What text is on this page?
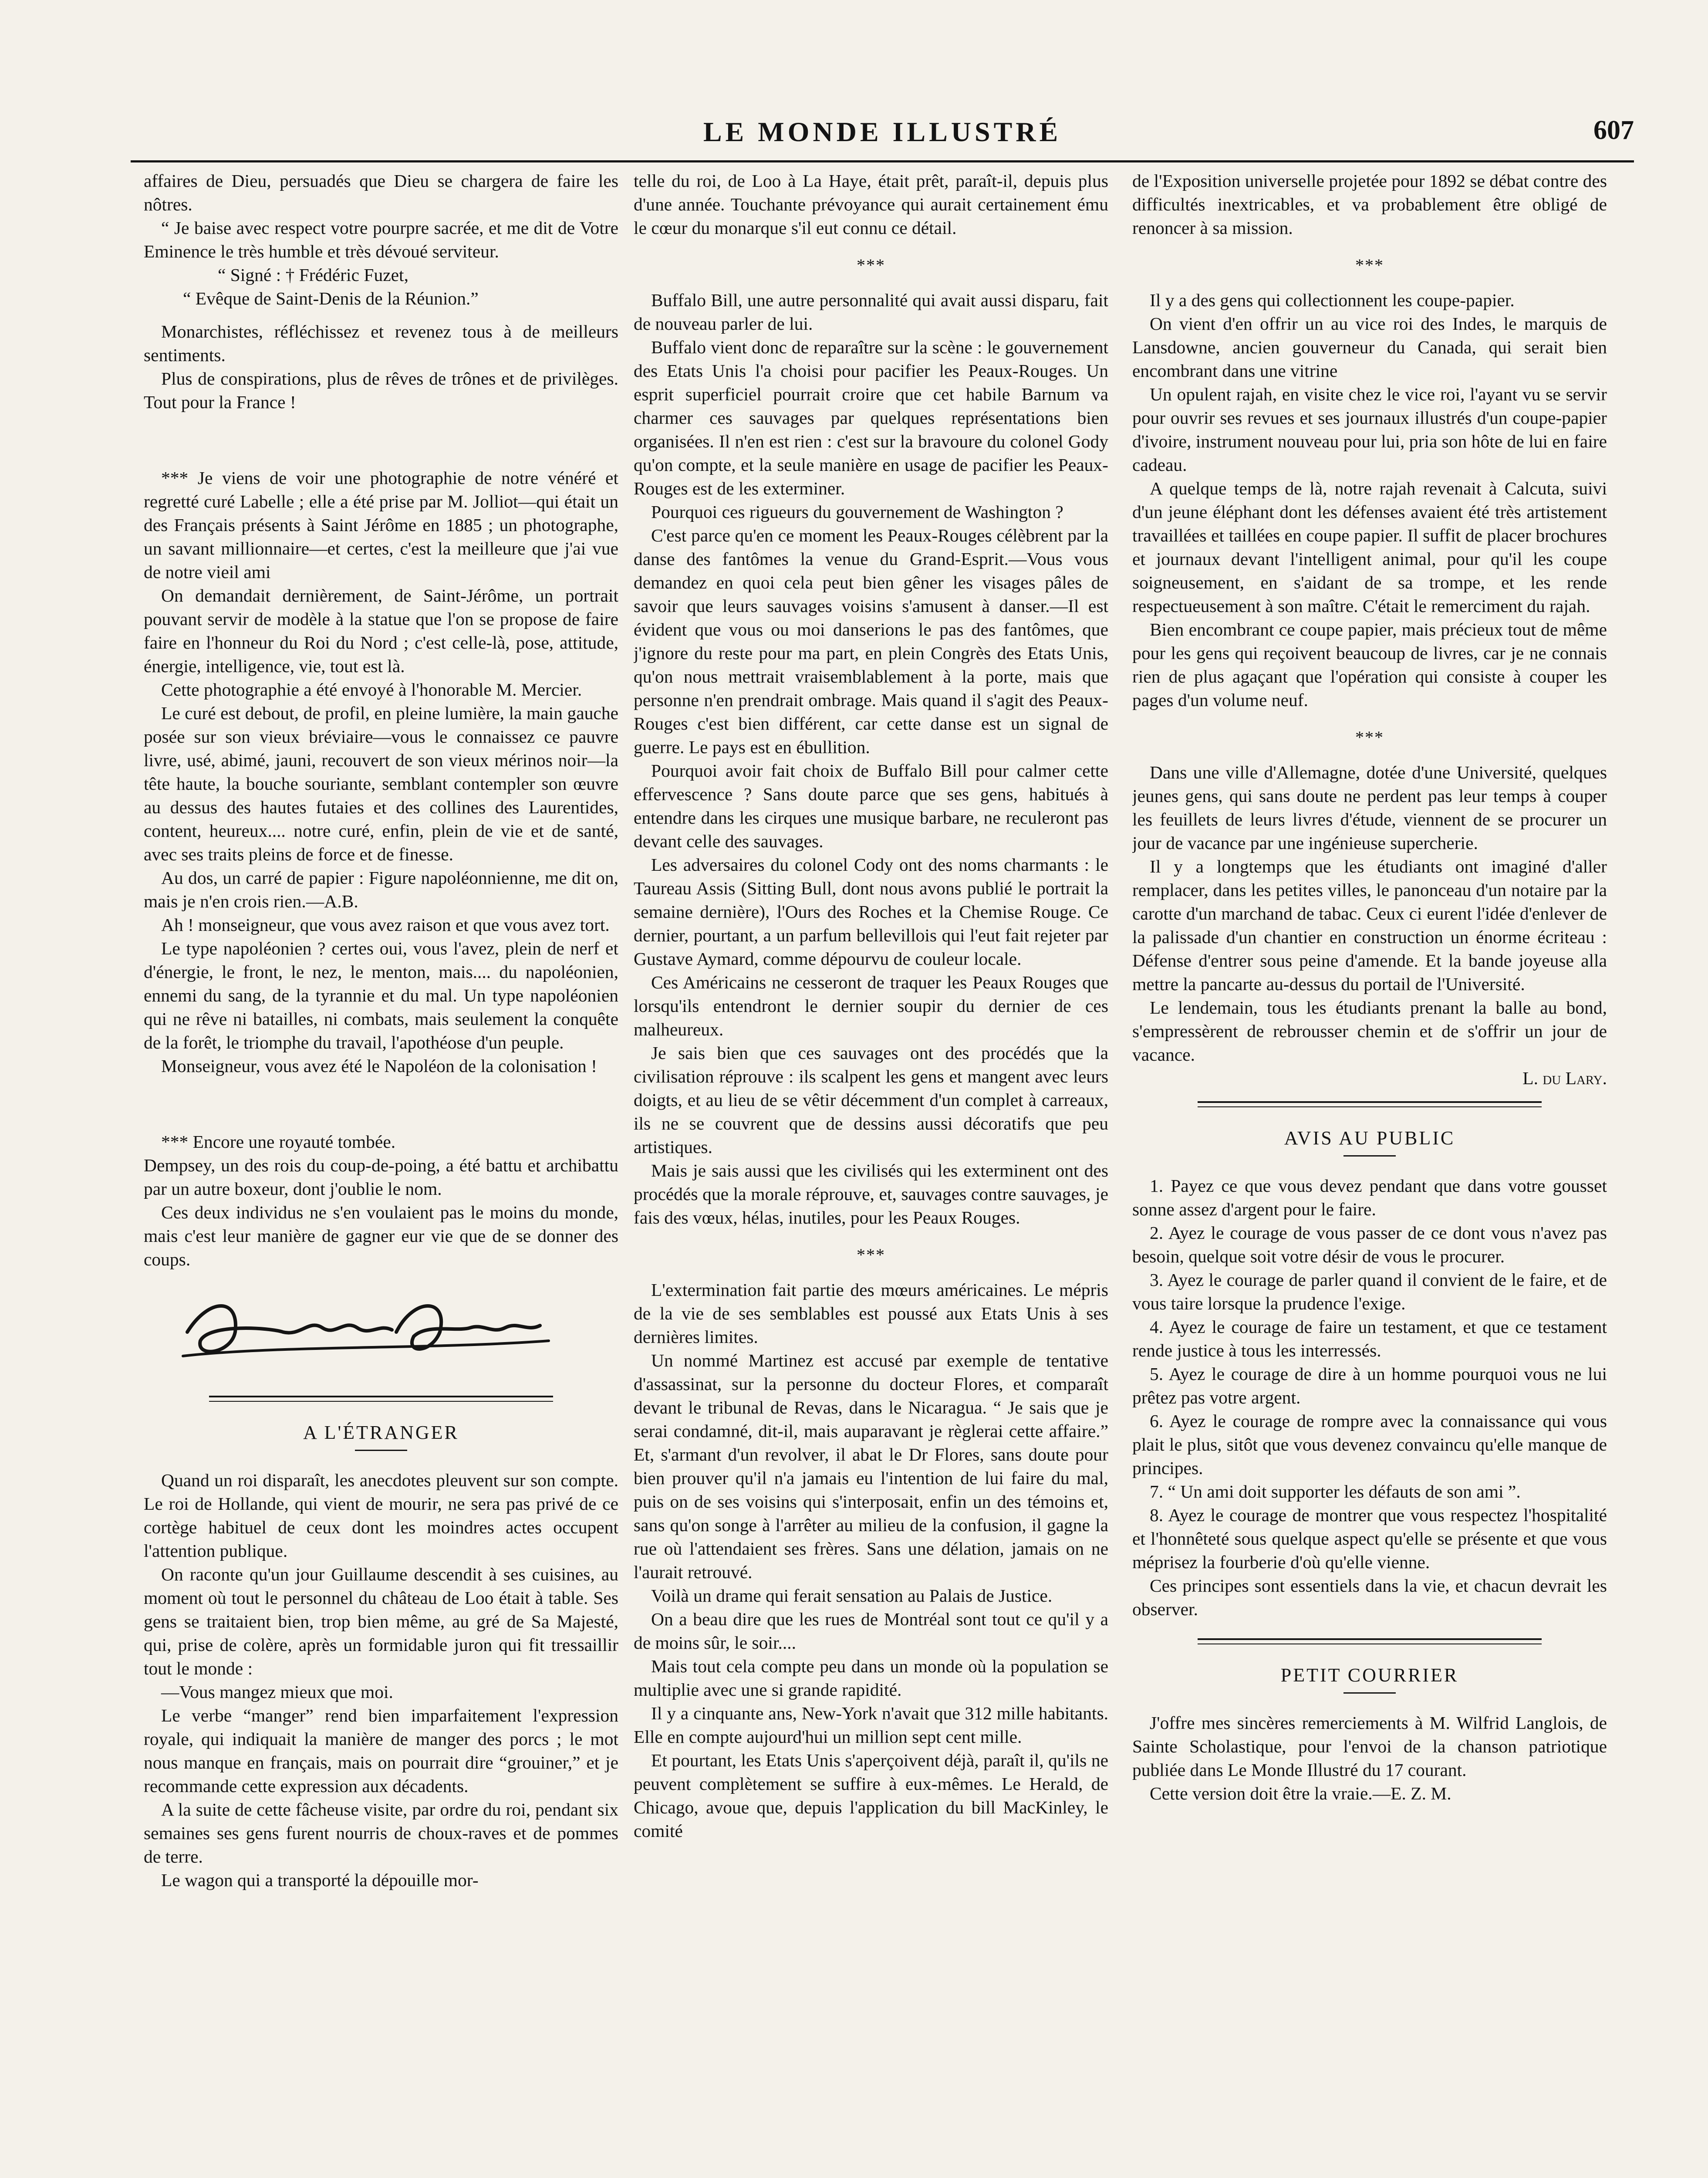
LE MONDE ILLUSTRÉ	607

affaires de Dieu, persuadés que Dieu se chargera de faire les nôtres.

“ Je baise avec respect votre pourpre sacrée, et me dit de Votre Eminence le très humble et très dévoué serviteur.

“ Signé : † Frédéric Fuzet,

“ Evêque de Saint-Denis de la Réunion.”

Monarchistes, réfléchissez et revenez tous à de meilleurs sentiments.

Plus de conspirations, plus de rêves de trônes et de privilèges. Tout pour la France !

*** Je viens de voir une photographie de notre vénéré et regretté curé Labelle ; elle a été prise par M. Jolliot—qui était un des Français présents à Saint Jérôme en 1885 ; un photographe, un savant millionnaire—et certes, c'est la meilleure que j'ai vue de notre vieil ami

On demandait dernièrement, de Saint-Jérôme, un portrait pouvant servir de modèle à la statue que l'on se propose de faire faire en l'honneur du Roi du Nord ; c'est celle-là, pose, attitude, énergie, intelligence, vie, tout est là.

Cette photographie a été envoyé à l'honorable M. Mercier.

Le curé est debout, de profil, en pleine lumière, la main gauche posée sur son vieux bréviaire—vous le connaissez ce pauvre livre, usé, abimé, jauni, recouvert de son vieux mérinos noir—la tête haute, la bouche souriante, semblant contempler son œuvre au dessus des hautes futaies et des collines des Laurentides, content, heureux.... notre curé, enfin, plein de vie et de santé, avec ses traits pleins de force et de finesse.

Au dos, un carré de papier : Figure napoléonnienne, me dit on, mais je n'en crois rien.—A.B.

Ah ! monseigneur, que vous avez raison et que vous avez tort.

Le type napoléonien ? certes oui, vous l'avez, plein de nerf et d'énergie, le front, le nez, le menton, mais.... du napoléonien, ennemi du sang, de la tyrannie et du mal. Un type napoléonien qui ne rêve ni batailles, ni combats, mais seulement la conquête de la forêt, le triomphe du travail, l'apothéose d'un peuple.

Monseigneur, vous avez été le Napoléon de la colonisation !

*** Encore une royauté tombée.

Dempsey, un des rois du coup-de-poing, a été battu et archibattu par un autre boxeur, dont j'oublie le nom.

Ces deux individus ne s'en voulaient pas le moins du monde, mais c'est leur manière de gagner eur vie que de se donner des coups.

A L'ÉTRANGER

Quand un roi disparaît, les anecdotes pleuvent sur son compte. Le roi de Hollande, qui vient de mourir, ne sera pas privé de ce cortège habituel de ceux dont les moindres actes occupent l'attention publique.

On raconte qu'un jour Guillaume descendit à ses cuisines, au moment où tout le personnel du château de Loo était à table. Ses gens se traitaient bien, trop bien même, au gré de Sa Majesté, qui, prise de colère, après un formidable juron qui fit tressaillir tout le monde :

—Vous mangez mieux que moi.

Le verbe “manger” rend bien imparfaitement l'expression royale, qui indiquait la manière de manger des porcs ; le mot nous manque en français, mais on pourrait dire “grouiner,” et je recommande cette expression aux décadents.

A la suite de cette fâcheuse visite, par ordre du roi, pendant six semaines ses gens furent nourris de choux-raves et de pommes de terre.

Le wagon qui a transporté la dépouille mor-

telle du roi, de Loo à La Haye, était prêt, paraît-il, depuis plus d'une année. Touchante prévoyance qui aurait certainement ému le cœur du monarque s'il eut connu ce détail.

***

Buffalo Bill, une autre personnalité qui avait aussi disparu, fait de nouveau parler de lui.

Buffalo vient donc de reparaître sur la scène : le gouvernement des Etats Unis l'a choisi pour pacifier les Peaux-Rouges. Un esprit superficiel pourrait croire que cet habile Barnum va charmer ces sauvages par quelques représentations bien organisées. Il n'en est rien : c'est sur la bravoure du colonel Gody qu'on compte, et la seule manière en usage de pacifier les Peaux-Rouges est de les exterminer.

Pourquoi ces rigueurs du gouvernement de Washington ?

C'est parce qu'en ce moment les Peaux-Rouges célèbrent par la danse des fantômes la venue du Grand-Esprit.—Vous vous demandez en quoi cela peut bien gêner les visages pâles de savoir que leurs sauvages voisins s'amusent à danser.—Il est évident que vous ou moi danserions le pas des fantômes, que j'ignore du reste pour ma part, en plein Congrès des Etats Unis, qu'on nous mettrait vraisemblablement à la porte, mais que personne n'en prendrait ombrage. Mais quand il s'agit des Peaux-Rouges c'est bien différent, car cette danse est un signal de guerre. Le pays est en ébullition.

Pourquoi avoir fait choix de Buffalo Bill pour calmer cette effervescence ? Sans doute parce que ses gens, habitués à entendre dans les cirques une musique barbare, ne reculeront pas devant celle des sauvages.

Les adversaires du colonel Cody ont des noms charmants : le Taureau Assis (Sitting Bull, dont nous avons publié le portrait la semaine dernière), l'Ours des Roches et la Chemise Rouge. Ce dernier, pourtant, a un parfum bellevillois qui l'eut fait rejeter par Gustave Aymard, comme dépourvu de couleur locale.

Ces Américains ne cesseront de traquer les Peaux Rouges que lorsqu'ils entendront le dernier soupir du dernier de ces malheureux.

Je sais bien que ces sauvages ont des procédés que la civilisation réprouve : ils scalpent les gens et mangent avec leurs doigts, et au lieu de se vêtir décemment d'un complet à carreaux, ils ne se couvrent que de dessins aussi décoratifs que peu artistiques.

Mais je sais aussi que les civilisés qui les exterminent ont des procédés que la morale réprouve, et, sauvages contre sauvages, je fais des vœux, hélas, inutiles, pour les Peaux Rouges.

***

L'extermination fait partie des mœurs américaines. Le mépris de la vie de ses semblables est poussé aux Etats Unis à ses dernières limites.

Un nommé Martinez est accusé par exemple de tentative d'assassinat, sur la personne du docteur Flores, et comparaît devant le tribunal de Revas, dans le Nicaragua. “ Je sais que je serai condamné, dit-il, mais auparavant je règlerai cette affaire.” Et, s'armant d'un revolver, il abat le Dr Flores, sans doute pour bien prouver qu'il n'a jamais eu l'intention de lui faire du mal, puis on de ses voisins qui s'interposait, enfin un des témoins et, sans qu'on songe à l'arrêter au milieu de la confusion, il gagne la rue où l'attendaient ses frères. Sans une délation, jamais on ne l'aurait retrouvé.

Voilà un drame qui ferait sensation au Palais de Justice.

On a beau dire que les rues de Montréal sont tout ce qu'il y a de moins sûr, le soir....

Mais tout cela compte peu dans un monde où la population se multiplie avec une si grande rapidité.

Il y a cinquante ans, New-York n'avait que 312 mille habitants. Elle en compte aujourd'hui un million sept cent mille.

Et pourtant, les Etats Unis s'aperçoivent déjà, paraît il, qu'ils ne peuvent complètement se suffire à eux-mêmes. Le Herald, de Chicago, avoue que, depuis l'application du bill MacKinley, le comité

de l'Exposition universelle projetée pour 1892 se débat contre des difficultés inextricables, et va probablement être obligé de renoncer à sa mission.

***

Il y a des gens qui collectionnent les coupe-papier.

On vient d'en offrir un au vice roi des Indes, le marquis de Lansdowne, ancien gouverneur du Canada, qui serait bien encombrant dans une vitrine

Un opulent rajah, en visite chez le vice roi, l'ayant vu se servir pour ouvrir ses revues et ses journaux illustrés d'un coupe-papier d'ivoire, instrument nouveau pour lui, pria son hôte de lui en faire cadeau.

A quelque temps de là, notre rajah revenait à Calcuta, suivi d'un jeune éléphant dont les défenses avaient été très artistement travaillées et taillées en coupe papier. Il suffit de placer brochures et journaux devant l'intelligent animal, pour qu'il les coupe soigneusement, en s'aidant de sa trompe, et les rende respectueusement à son maître. C'était le remerciment du rajah.

Bien encombrant ce coupe papier, mais précieux tout de même pour les gens qui reçoivent beaucoup de livres, car je ne connais rien de plus agaçant que l'opération qui consiste à couper les pages d'un volume neuf.

***

Dans une ville d'Allemagne, dotée d'une Université, quelques jeunes gens, qui sans doute ne perdent pas leur temps à couper les feuillets de leurs livres d'étude, viennent de se procurer un jour de vacance par une ingénieuse supercherie.

Il y a longtemps que les étudiants ont imaginé d'aller remplacer, dans les petites villes, le panonceau d'un notaire par la carotte d'un marchand de tabac. Ceux ci eurent l'idée d'enlever de la palissade d'un chantier en construction un énorme écriteau : Défense d'entrer sous peine d'amende. Et la bande joyeuse alla mettre la pancarte au-dessus du portail de l'Université.

Le lendemain, tous les étudiants prenant la balle au bond, s'empressèrent de rebrousser chemin et de s'offrir un jour de vacance.

L. du Lary.

AVIS AU PUBLIC

1. Payez ce que vous devez pendant que dans votre gousset sonne assez d'argent pour le faire.

2. Ayez le courage de vous passer de ce dont vous n'avez pas besoin, quelque soit votre désir de vous le procurer.

3. Ayez le courage de parler quand il convient de le faire, et de vous taire lorsque la prudence l'exige.

4. Ayez le courage de faire un testament, et que ce testament rende justice à tous les interressés.

5. Ayez le courage de dire à un homme pourquoi vous ne lui prêtez pas votre argent.

6. Ayez le courage de rompre avec la connaissance qui vous plait le plus, sitôt que vous devenez convaincu qu'elle manque de principes.

7. “ Un ami doit supporter les défauts de son ami ”.

8. Ayez le courage de montrer que vous respectez l'hospitalité et l'honnêteté sous quelque aspect qu'elle se présente et que vous méprisez la fourberie d'où qu'elle vienne.

Ces principes sont essentiels dans la vie, et chacun devrait les observer.

PETIT COURRIER

J'offre mes sincères remerciements à M. Wilfrid Langlois, de Sainte Scholastique, pour l'envoi de la chanson patriotique publiée dans Le Monde Illustré du 17 courant.

Cette version doit être la vraie.—E. Z. M.
